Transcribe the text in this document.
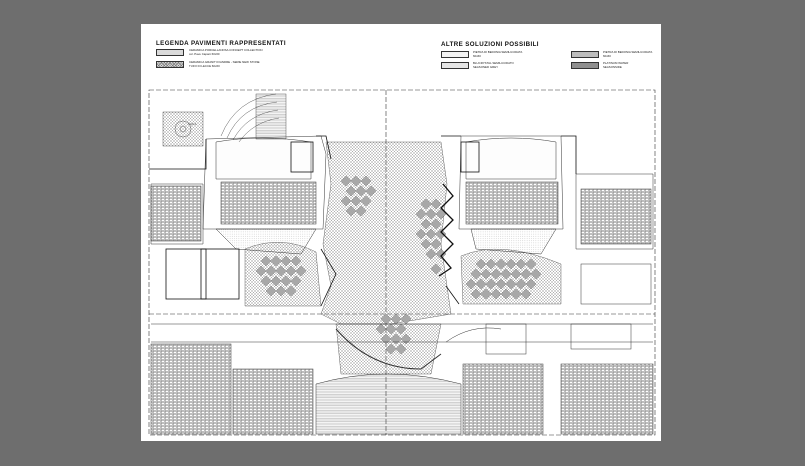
LEGENDA PAVIMENTI RAPPRESENTATI
CERAMICA PORCELLANOSA CONCEPT COLLECTION
col. Pave Capani 60x60
CERAMICA GRANITI FIANDRE - SERIE NEW STONE
TUFO DI LECCE 60x60
ALTRE SOLUZIONI POSSIBILI
PIETRA DI BEDONIA SEMILUCIDATA
60x60
PIETRA DI BEDONIA SEMILUCIDATA
60x60
BLUCRYSTAL SEMILUCIDATO
SEASONED GREY
PLATINUM WATER
SEASONSIDE
